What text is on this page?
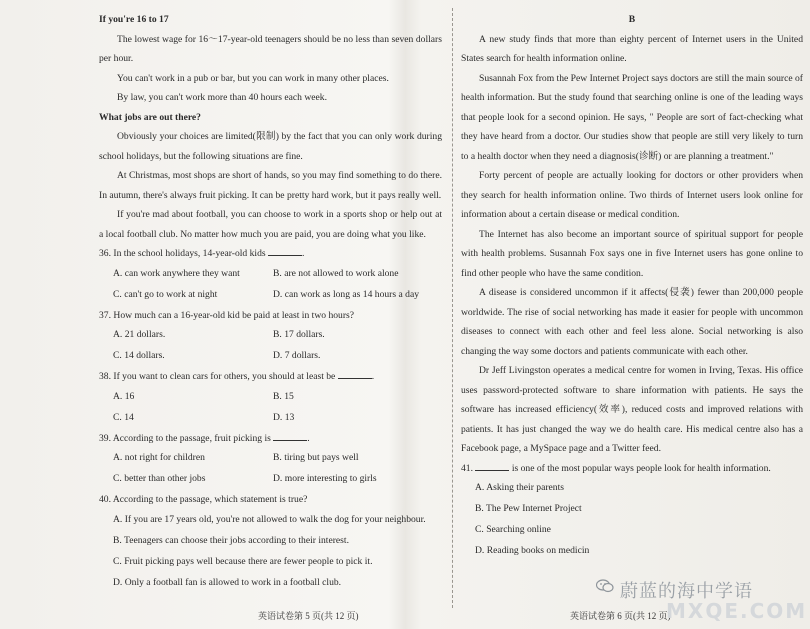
If you're 16 to 17

The lowest wage for 16～17-year-old teenagers should be no less than seven dollars per hour.

You can't work in a pub or bar, but you can work in many other places.

By law, you can't work more than 40 hours each week.

What jobs are out there?

Obviously your choices are limited(限制) by the fact that you can only work during school holidays, but the following situations are fine.

At Christmas, most shops are short of hands, so you may find something to do there. In autumn, there's always fruit picking. It can be pretty hard work, but it pays really well.

If you're mad about football, you can choose to work in a sports shop or help out at a local football club. No matter how much you are paid, you are doing what you like.

36. In the school holidays, 14-year-old kids	.

A. can work anywhere they want	B. are not allowed to work alone
C. can't go to work at night	D. can work as long as 14 hours a day

37. How much can a 16-year-old kid be paid at least in two hours?

A. 21 dollars.	B. 17 dollars.
C. 14 dollars.	D. 7 dollars.

38. If you want to clean cars for others, you should at least be	.

A. 16	B. 15
C. 14	D. 13

39. According to the passage, fruit picking is	.

A. not right for children	B. tiring but pays well
C. better than other jobs	D. more interesting to girls

40. According to the passage, which statement is true?

A. If you are 17 years old, you're not allowed to walk the dog for your neighbour.
B. Teenagers can choose their jobs according to their interest.
C. Fruit picking pays well because there are fewer people to pick it.
D. Only a football fan is allowed to work in a football club.

B

A new study finds that more than eighty percent of Internet users in the United States search for health information online.

Susannah Fox from the Pew Internet Project says doctors are still the main source of health information. But the study found that searching online is one of the leading ways that people look for a second opinion. He says, " People are sort of fact-checking what they have heard from a doctor. Our studies show that people are still very likely to turn to a health doctor when they need a diagnosis(诊断) or are planning a treatment."

Forty percent of people are actually looking for doctors or other providers when they search for health information online. Two thirds of Internet users look online for information about a certain disease or medical condition.

The Internet has also become an important source of spiritual support for people with health problems. Susannah Fox says one in five Internet users has gone online to find other people who have the same condition.

A disease is considered uncommon if it affects(侵袭) fewer than 200,000 people worldwide. The rise of social networking has made it easier for people with uncommon diseases to connect with each other and feel less alone. Social networking is also changing the way some doctors and patients communicate with each other.

Dr Jeff Livingston operates a medical centre for women in Irving, Texas. His office uses password-protected software to share information with patients. He says the software has increased efficiency(效率), reduced costs and improved relations with patients. It has just changed the way we do health care. His medical centre also has a Facebook page, a MySpace page and a Twitter feed.

41.	is one of the most popular ways people look for health information.

A. Asking their parents
B. The Pew Internet Project
C. Searching online
D. Reading books on medicin
英语试卷第 5 页(共 12 页)	英语试卷第 6 页(共 12 页)
蔚蓝的海中学语
MXQE.COM
